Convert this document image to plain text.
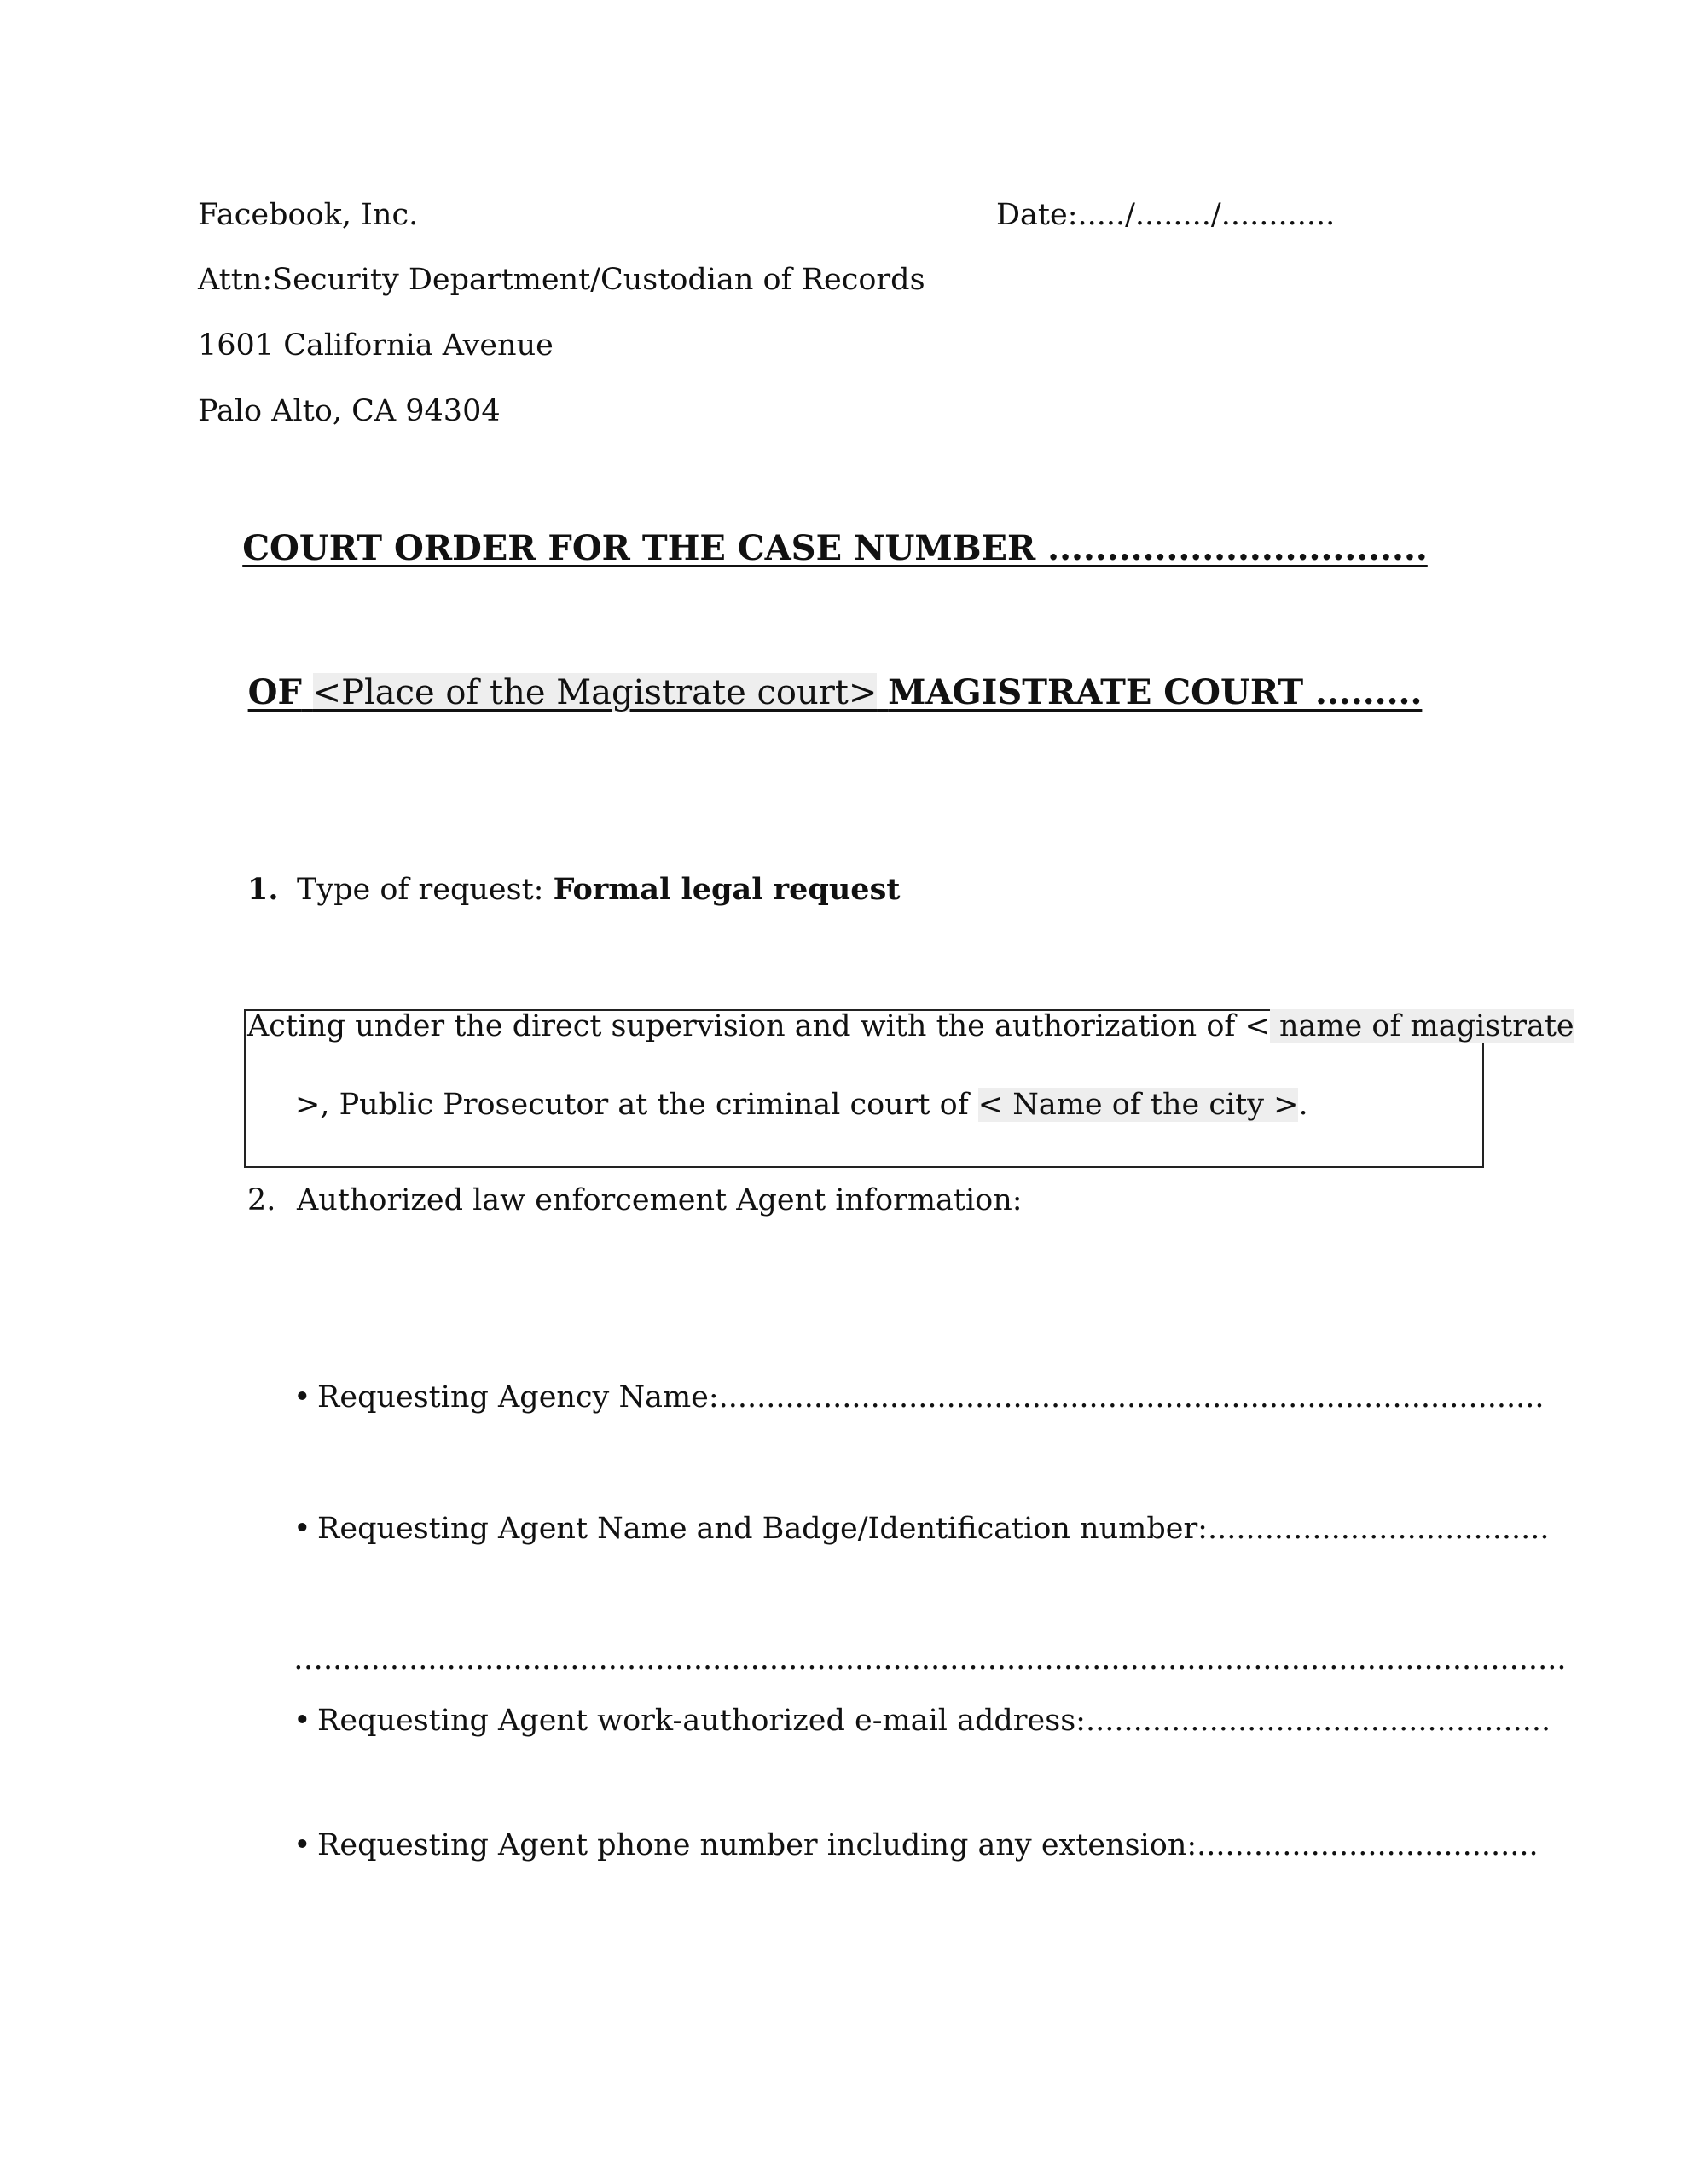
Facebook, Inc.	Date:...../......../............
Attn:Security Department/Custodian of Records
1601 California Avenue
Palo Alto, CA 94304
COURT ORDER FOR THE CASE NUMBER ................................
OF <Place of the Magistrate court> MAGISTRATE COURT .........
1. Type of request: Formal legal request
Acting under the direct supervision and with the authorization of < name of magistrate
>, Public Prosecutor at the criminal court of < Name of the city >.
2. Authorized law enforcement Agent information:
• Requesting Agency Name:.......................................................................................
• Requesting Agent Name and Badge/Identification number:....................................
…...................................................................................................................................
• Requesting Agent work-authorized e-mail address:.................................................
• Requesting Agent phone number including any extension:....................................
